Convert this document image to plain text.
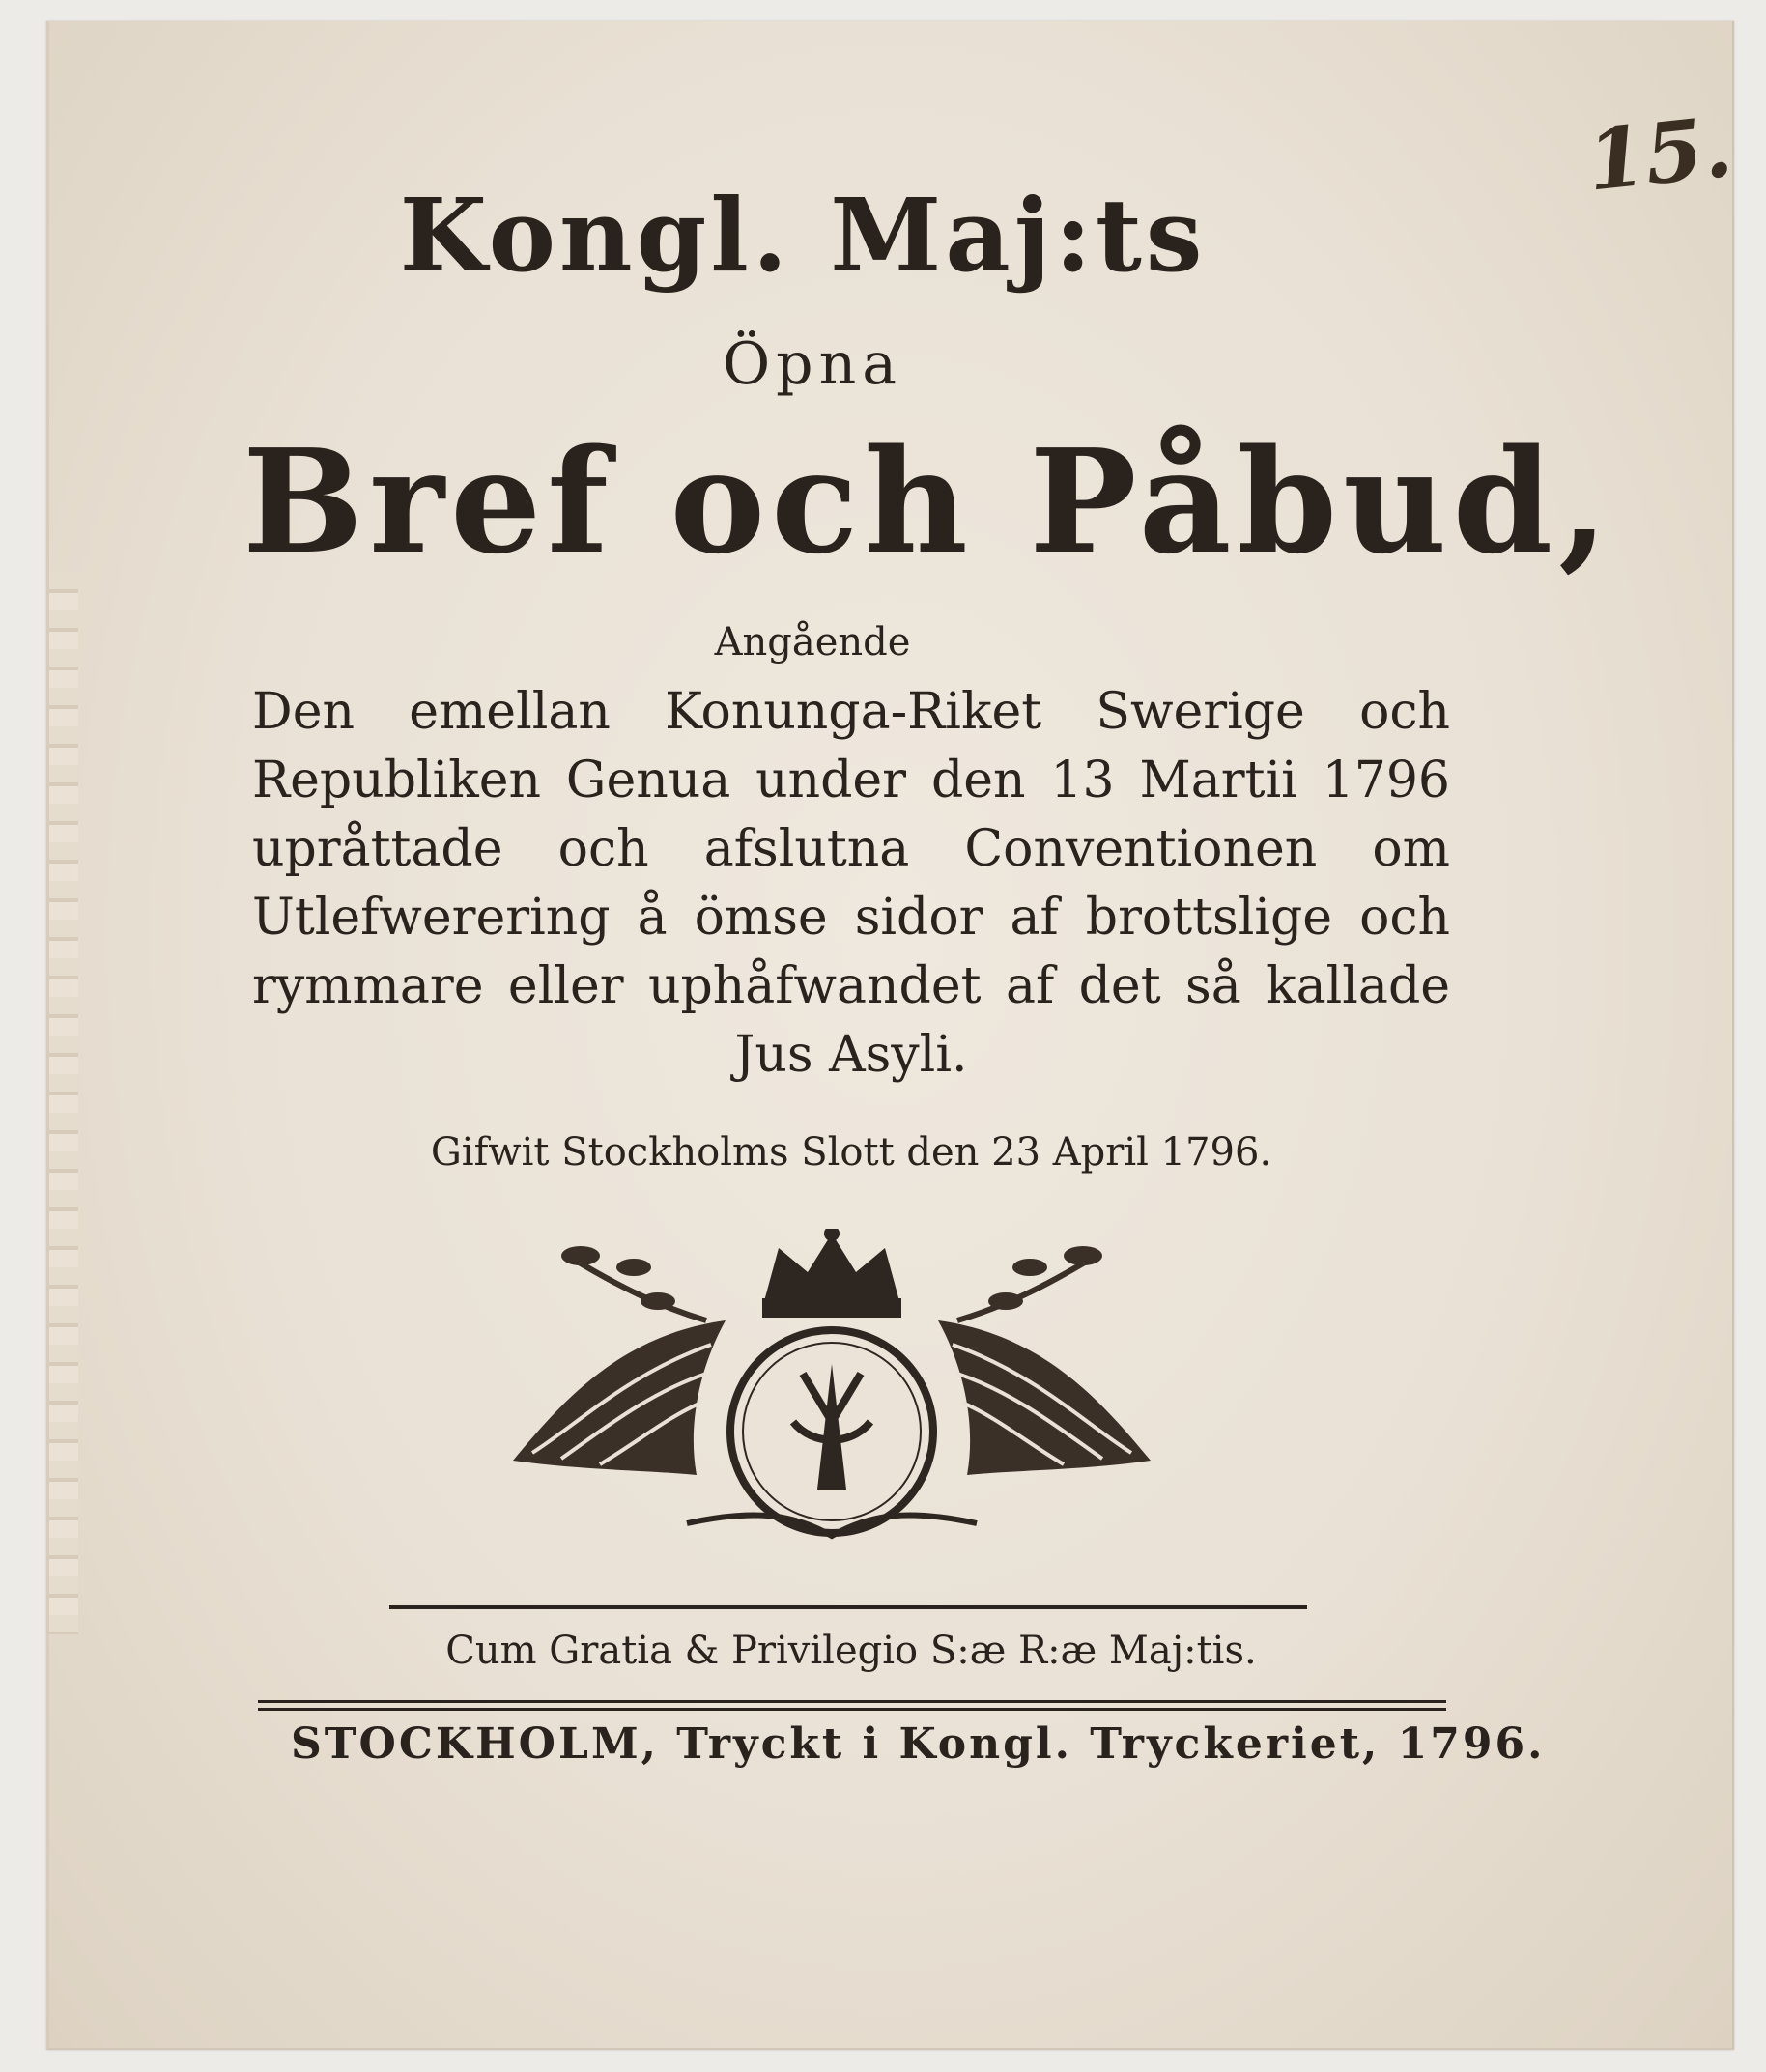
15.
Kongl. Maj:ts
Öpna
Bref och Påbud,
Angående
Den emellan Konunga-Riket Swerige och Republiken Genua under den 13 Martii 1796 upråttade och afslutna Conventionen om Utlefwerering å ömse sidor af brottslige och rymmare eller uphåfwandet af det så kallade Jus Asyli.
Gifwit Stockholms Slott den 23 April 1796.
Cum Gratia & Privilegio S:æ R:æ Maj:tis.
STOCKHOLM, Tryckt i Kongl. Tryckeriet, 1796.
